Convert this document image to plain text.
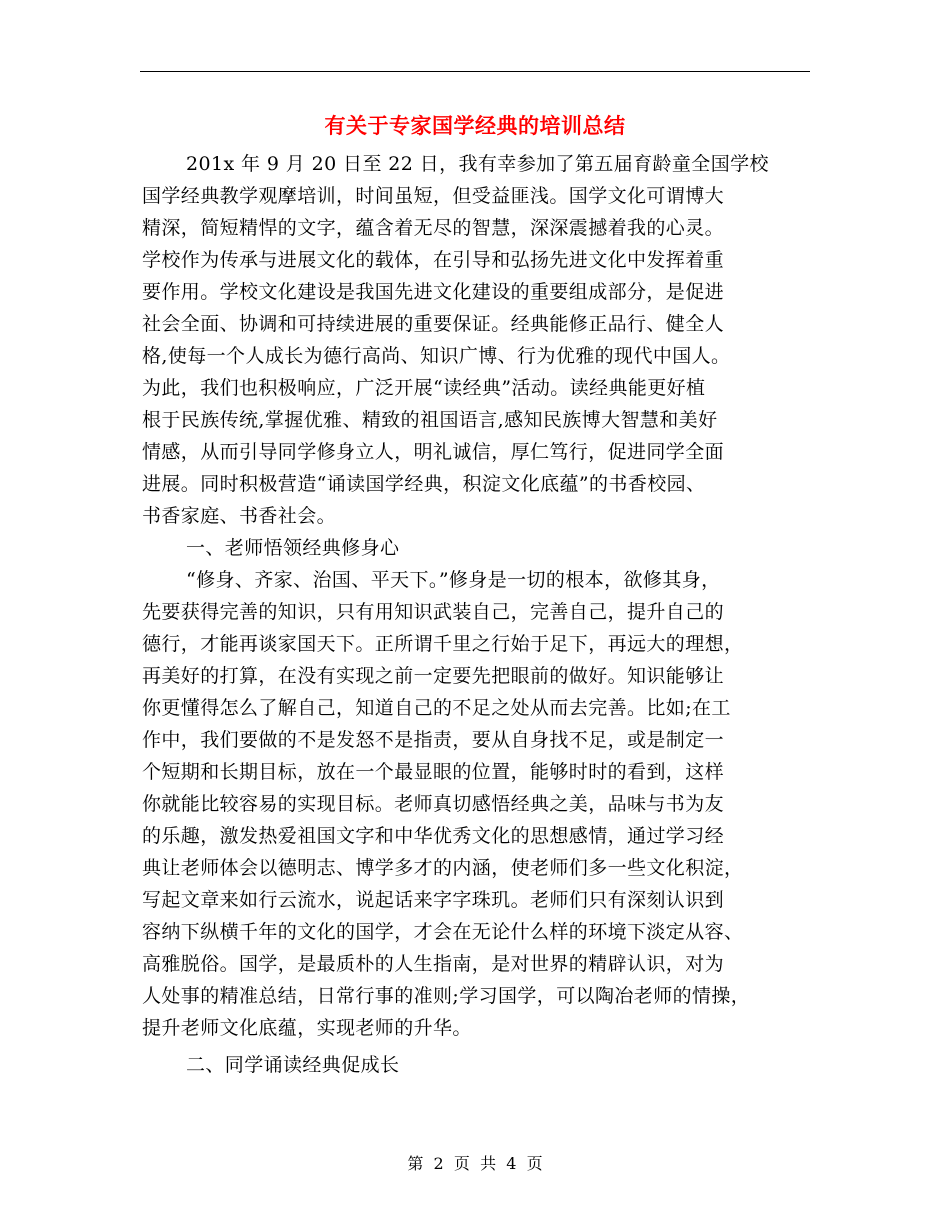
有关于专家国学经典的培训总结
201x 年 9 月 20 日至 22 日，我有幸参加了第五届育龄童全国学校
国学经典教学观摩培训，时间虽短，但受益匪浅。国学文化可谓博大
精深，简短精悍的文字，蕴含着无尽的智慧，深深震撼着我的心灵。
学校作为传承与进展文化的载体，在引导和弘扬先进文化中发挥着重
要作用。学校文化建设是我国先进文化建设的重要组成部分，是促进
社会全面、协调和可持续进展的重要保证。经典能修正品行、健全人
格,使每一个人成长为德行高尚、知识广博、行为优雅的现代中国人。
为此，我们也积极响应，广泛开展“读经典”活动。读经典能更好植
根于民族传统,掌握优雅、精致的祖国语言,感知民族博大智慧和美好
情感，从而引导同学修身立人，明礼诚信，厚仁笃行，促进同学全面
进展。同时积极营造“诵读国学经典，积淀文化底蕴”的书香校园、
书香家庭、书香社会。
一、老师悟领经典修身心
“修身、齐家、治国、平天下。”修身是一切的根本，欲修其身，
先要获得完善的知识，只有用知识武装自己，完善自己，提升自己的
德行，才能再谈家国天下。正所谓千里之行始于足下，再远大的理想，
再美好的打算，在没有实现之前一定要先把眼前的做好。知识能够让
你更懂得怎么了解自己，知道自己的不足之处从而去完善。比如;在工
作中，我们要做的不是发怒不是指责，要从自身找不足，或是制定一
个短期和长期目标，放在一个最显眼的位置，能够时时的看到，这样
你就能比较容易的实现目标。老师真切感悟经典之美，品味与书为友
的乐趣，激发热爱祖国文字和中华优秀文化的思想感情，通过学习经
典让老师体会以德明志、博学多才的内涵，使老师们多一些文化积淀，
写起文章来如行云流水，说起话来字字珠玑。老师们只有深刻认识到
容纳下纵横千年的文化的国学，才会在无论什么样的环境下淡定从容、
高雅脱俗。国学，是最质朴的人生指南，是对世界的精辟认识，对为
人处事的精准总结，日常行事的准则;学习国学，可以陶冶老师的情操，
提升老师文化底蕴，实现老师的升华。
二、同学诵读经典促成长
第  2  页  共  4  页
